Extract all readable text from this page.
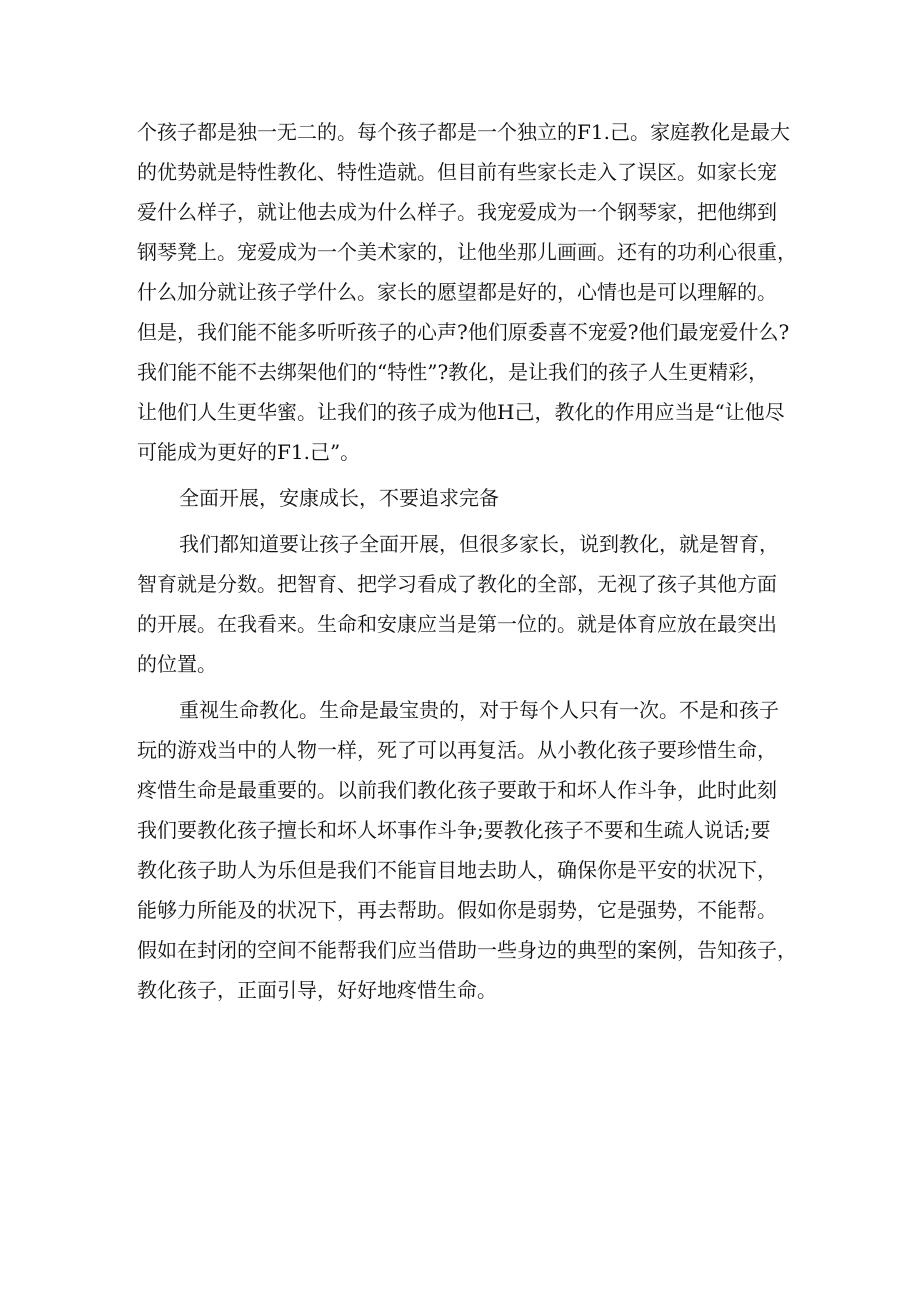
个孩子都是独一无二的。每个孩子都是一个独立的F1.己。家庭教化是最大
的优势就是特性教化、特性造就。但目前有些家长走入了误区。如家长宠
爱什么样子，就让他去成为什么样子。我宠爱成为一个钢琴家，把他绑到
钢琴凳上。宠爱成为一个美术家的，让他坐那儿画画。还有的功利心很重，
什么加分就让孩子学什么。家长的愿望都是好的，心情也是可以理解的。
但是，我们能不能多听听孩子的心声?他们原委喜不宠爱?他们最宠爱什么?
我们能不能不去绑架他们的“特性”?教化，是让我们的孩子人生更精彩，
让他们人生更华蜜。让我们的孩子成为他H己，教化的作用应当是“让他尽
可能成为更好的F1.己”。
全面开展，安康成长，不要追求完备
我们都知道要让孩子全面开展，但很多家长，说到教化，就是智育，
智育就是分数。把智育、把学习看成了教化的全部，无视了孩子其他方面
的开展。在我看来。生命和安康应当是第一位的。就是体育应放在最突出
的位置。
重视生命教化。生命是最宝贵的，对于每个人只有一次。不是和孩子
玩的游戏当中的人物一样，死了可以再复活。从小教化孩子要珍惜生命，
疼惜生命是最重要的。以前我们教化孩子要敢于和坏人作斗争，此时此刻
我们要教化孩子擅长和坏人坏事作斗争;要教化孩子不要和生疏人说话;要
教化孩子助人为乐但是我们不能盲目地去助人，确保你是平安的状况下，
能够力所能及的状况下，再去帮助。假如你是弱势，它是强势，不能帮。
假如在封闭的空间不能帮我们应当借助一些身边的典型的案例，告知孩子，
教化孩子，正面引导，好好地疼惜生命。
